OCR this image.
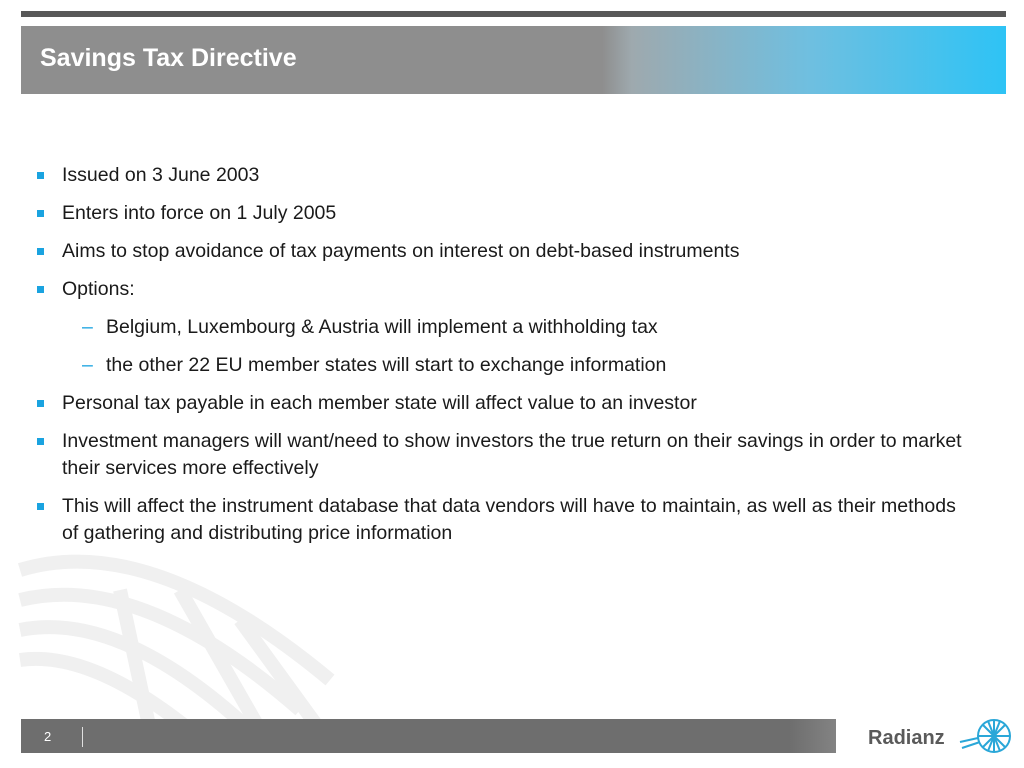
Savings Tax Directive
Issued on 3 June 2003
Enters into force on 1 July 2005
Aims to stop avoidance of tax payments on interest on debt-based instruments
Options:
– Belgium, Luxembourg & Austria will implement a withholding tax
– the other 22 EU member states will start to exchange information
Personal tax payable in each member state will affect value to an investor
Investment managers will want/need to show investors the true return on their savings in order to market their services more effectively
This will affect the instrument database that data vendors will have to maintain, as well as their methods of gathering and distributing price information
2	Radianz
